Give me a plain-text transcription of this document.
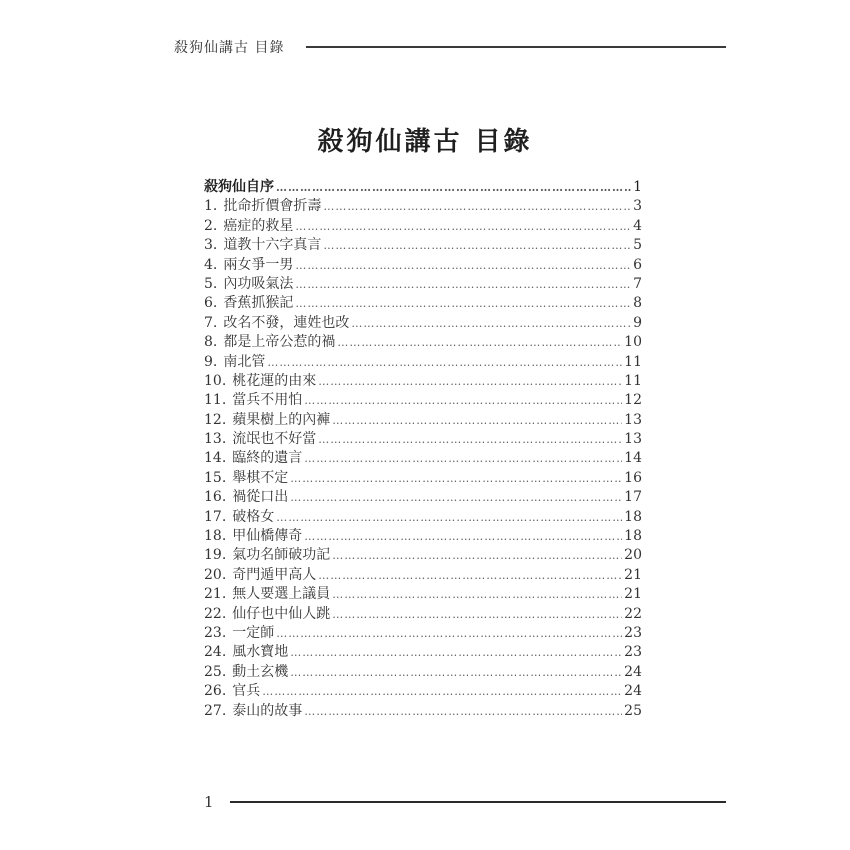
殺狗仙講古 目錄
殺狗仙講古 目錄
殺狗仙自序 ……………………………………………………………………………………………………………………	1
1. 批命折價會折壽 ……………………………………………………………………………………………………………………	3
2. 癌症的救星 ……………………………………………………………………………………………………………………	4
3. 道教十六字真言 ……………………………………………………………………………………………………………………	5
4. 兩女爭一男 ……………………………………………………………………………………………………………………	6
5. 內功吸氣法 ……………………………………………………………………………………………………………………	7
6. 香蕉抓猴記 ……………………………………………………………………………………………………………………	8
7. 改名不發，連姓也改 ……………………………………………………………………………………………………………………	9
8. 都是上帝公惹的禍 ……………………………………………………………………………………………………………………	10
9. 南北管 ……………………………………………………………………………………………………………………	11
10. 桃花運的由來 ……………………………………………………………………………………………………………………	11
11. 當兵不用怕 ……………………………………………………………………………………………………………………	12
12. 蘋果樹上的內褲 ……………………………………………………………………………………………………………………	13
13. 流氓也不好當 ……………………………………………………………………………………………………………………	13
14. 臨終的遺言 ……………………………………………………………………………………………………………………	14
15. 舉棋不定 ……………………………………………………………………………………………………………………	16
16. 禍從口出 ……………………………………………………………………………………………………………………	17
17. 破格女 ……………………………………………………………………………………………………………………	18
18. 甲仙橋傳奇 ……………………………………………………………………………………………………………………	18
19. 氣功名師破功記 ……………………………………………………………………………………………………………………	20
20. 奇門遁甲高人 ……………………………………………………………………………………………………………………	21
21. 無人要選上議員 ……………………………………………………………………………………………………………………	21
22. 仙仔也中仙人跳 ……………………………………………………………………………………………………………………	22
23. 一定師 ……………………………………………………………………………………………………………………	23
24. 風水寶地 ……………………………………………………………………………………………………………………	23
25. 動土玄機 ……………………………………………………………………………………………………………………	24
26. 官兵 ……………………………………………………………………………………………………………………	24
27. 泰山的故事 ……………………………………………………………………………………………………………………	25
1
